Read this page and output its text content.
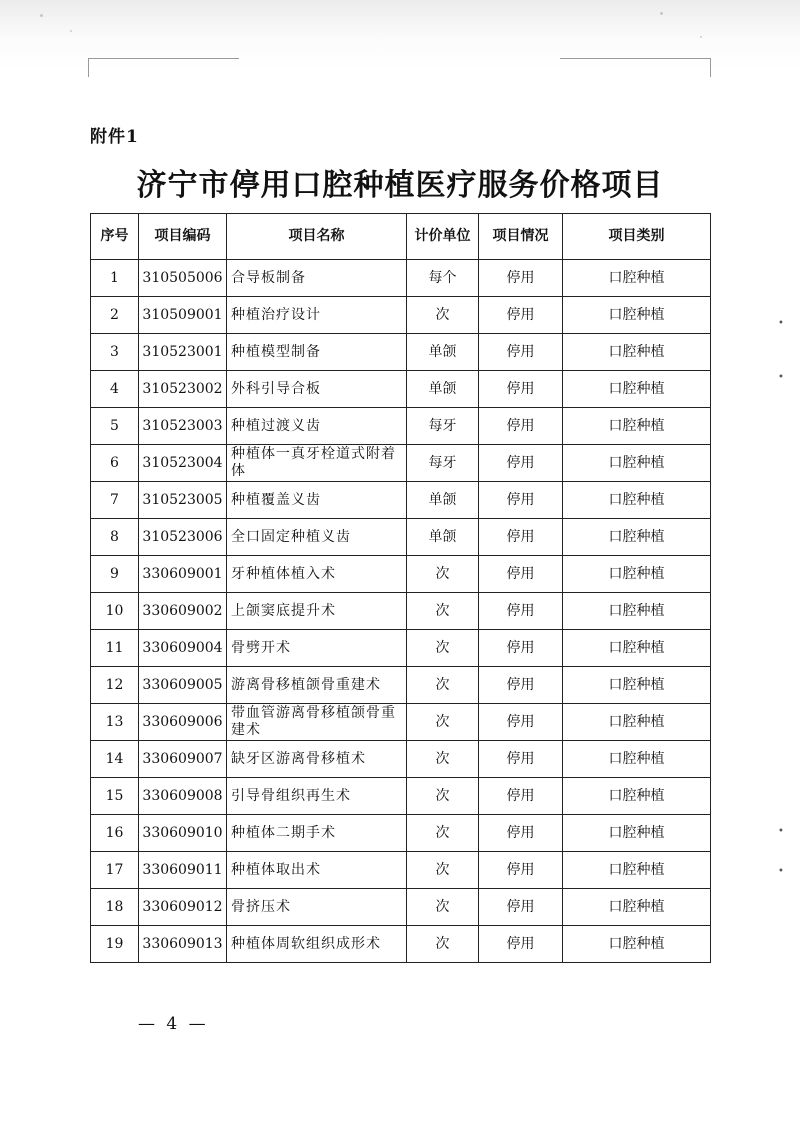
附件1
济宁市停用口腔种植医疗服务价格项目
序号	项目编码	项目名称	计价单位	项目情况	项目类别
1	310505006	合导板制备	每个	停用	口腔种植
2	310509001	种植治疗设计	次	停用	口腔种植
3	310523001	种植模型制备	单颌	停用	口腔种植
4	310523002	外科引导合板	单颌	停用	口腔种植
5	310523003	种植过渡义齿	每牙	停用	口腔种植
6	310523004	种植体一真牙栓道式附着体	每牙	停用	口腔种植
7	310523005	种植覆盖义齿	单颌	停用	口腔种植
8	310523006	全口固定种植义齿	单颌	停用	口腔种植
9	330609001	牙种植体植入术	次	停用	口腔种植
10	330609002	上颌窦底提升术	次	停用	口腔种植
11	330609004	骨劈开术	次	停用	口腔种植
12	330609005	游离骨移植颌骨重建术	次	停用	口腔种植
13	330609006	带血管游离骨移植颌骨重建术	次	停用	口腔种植
14	330609007	缺牙区游离骨移植术	次	停用	口腔种植
15	330609008	引导骨组织再生术	次	停用	口腔种植
16	330609010	种植体二期手术	次	停用	口腔种植
17	330609011	种植体取出术	次	停用	口腔种植
18	330609012	骨挤压术	次	停用	口腔种植
19	330609013	种植体周软组织成形术	次	停用	口腔种植
— 4 —
•
•
•
•
